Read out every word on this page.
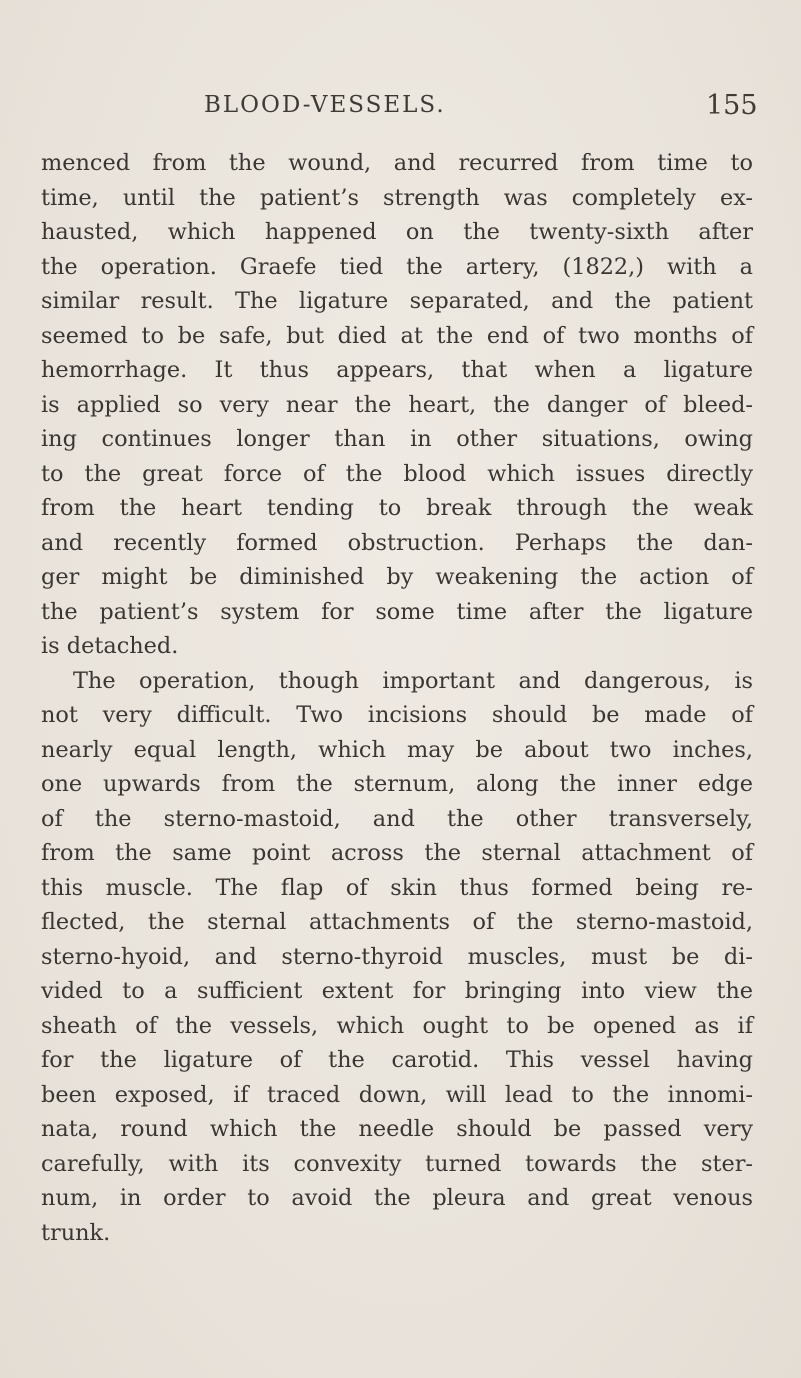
BLOOD-VESSELS.	155
menced from the wound, and recurred from time to
time, until the patient’s strength was completely ex-
hausted, which happened on the twenty-sixth after
the operation. Graefe tied the artery, (1822,) with a
similar result. The ligature separated, and the patient
seemed to be safe, but died at the end of two months of
hemorrhage. It thus appears, that when a ligature
is applied so very near the heart, the danger of bleed-
ing continues longer than in other situations, owing
to the great force of the blood which issues directly
from the heart tending to break through the weak
and recently formed obstruction. Perhaps the dan-
ger might be diminished by weakening the action of
the patient’s system for some time after the ligature
is detached.
The operation, though important and dangerous, is
not very difficult. Two incisions should be made of
nearly equal length, which may be about two inches,
one upwards from the sternum, along the inner edge
of the sterno-mastoid, and the other transversely,
from the same point across the sternal attachment of
this muscle. The flap of skin thus formed being re-
flected, the sternal attachments of the sterno-mastoid,
sterno-hyoid, and sterno-thyroid muscles, must be di-
vided to a sufficient extent for bringing into view the
sheath of the vessels, which ought to be opened as if
for the ligature of the carotid. This vessel having
been exposed, if traced down, will lead to the innomi-
nata, round which the needle should be passed very
carefully, with its convexity turned towards the ster-
num, in order to avoid the pleura and great venous
trunk.
